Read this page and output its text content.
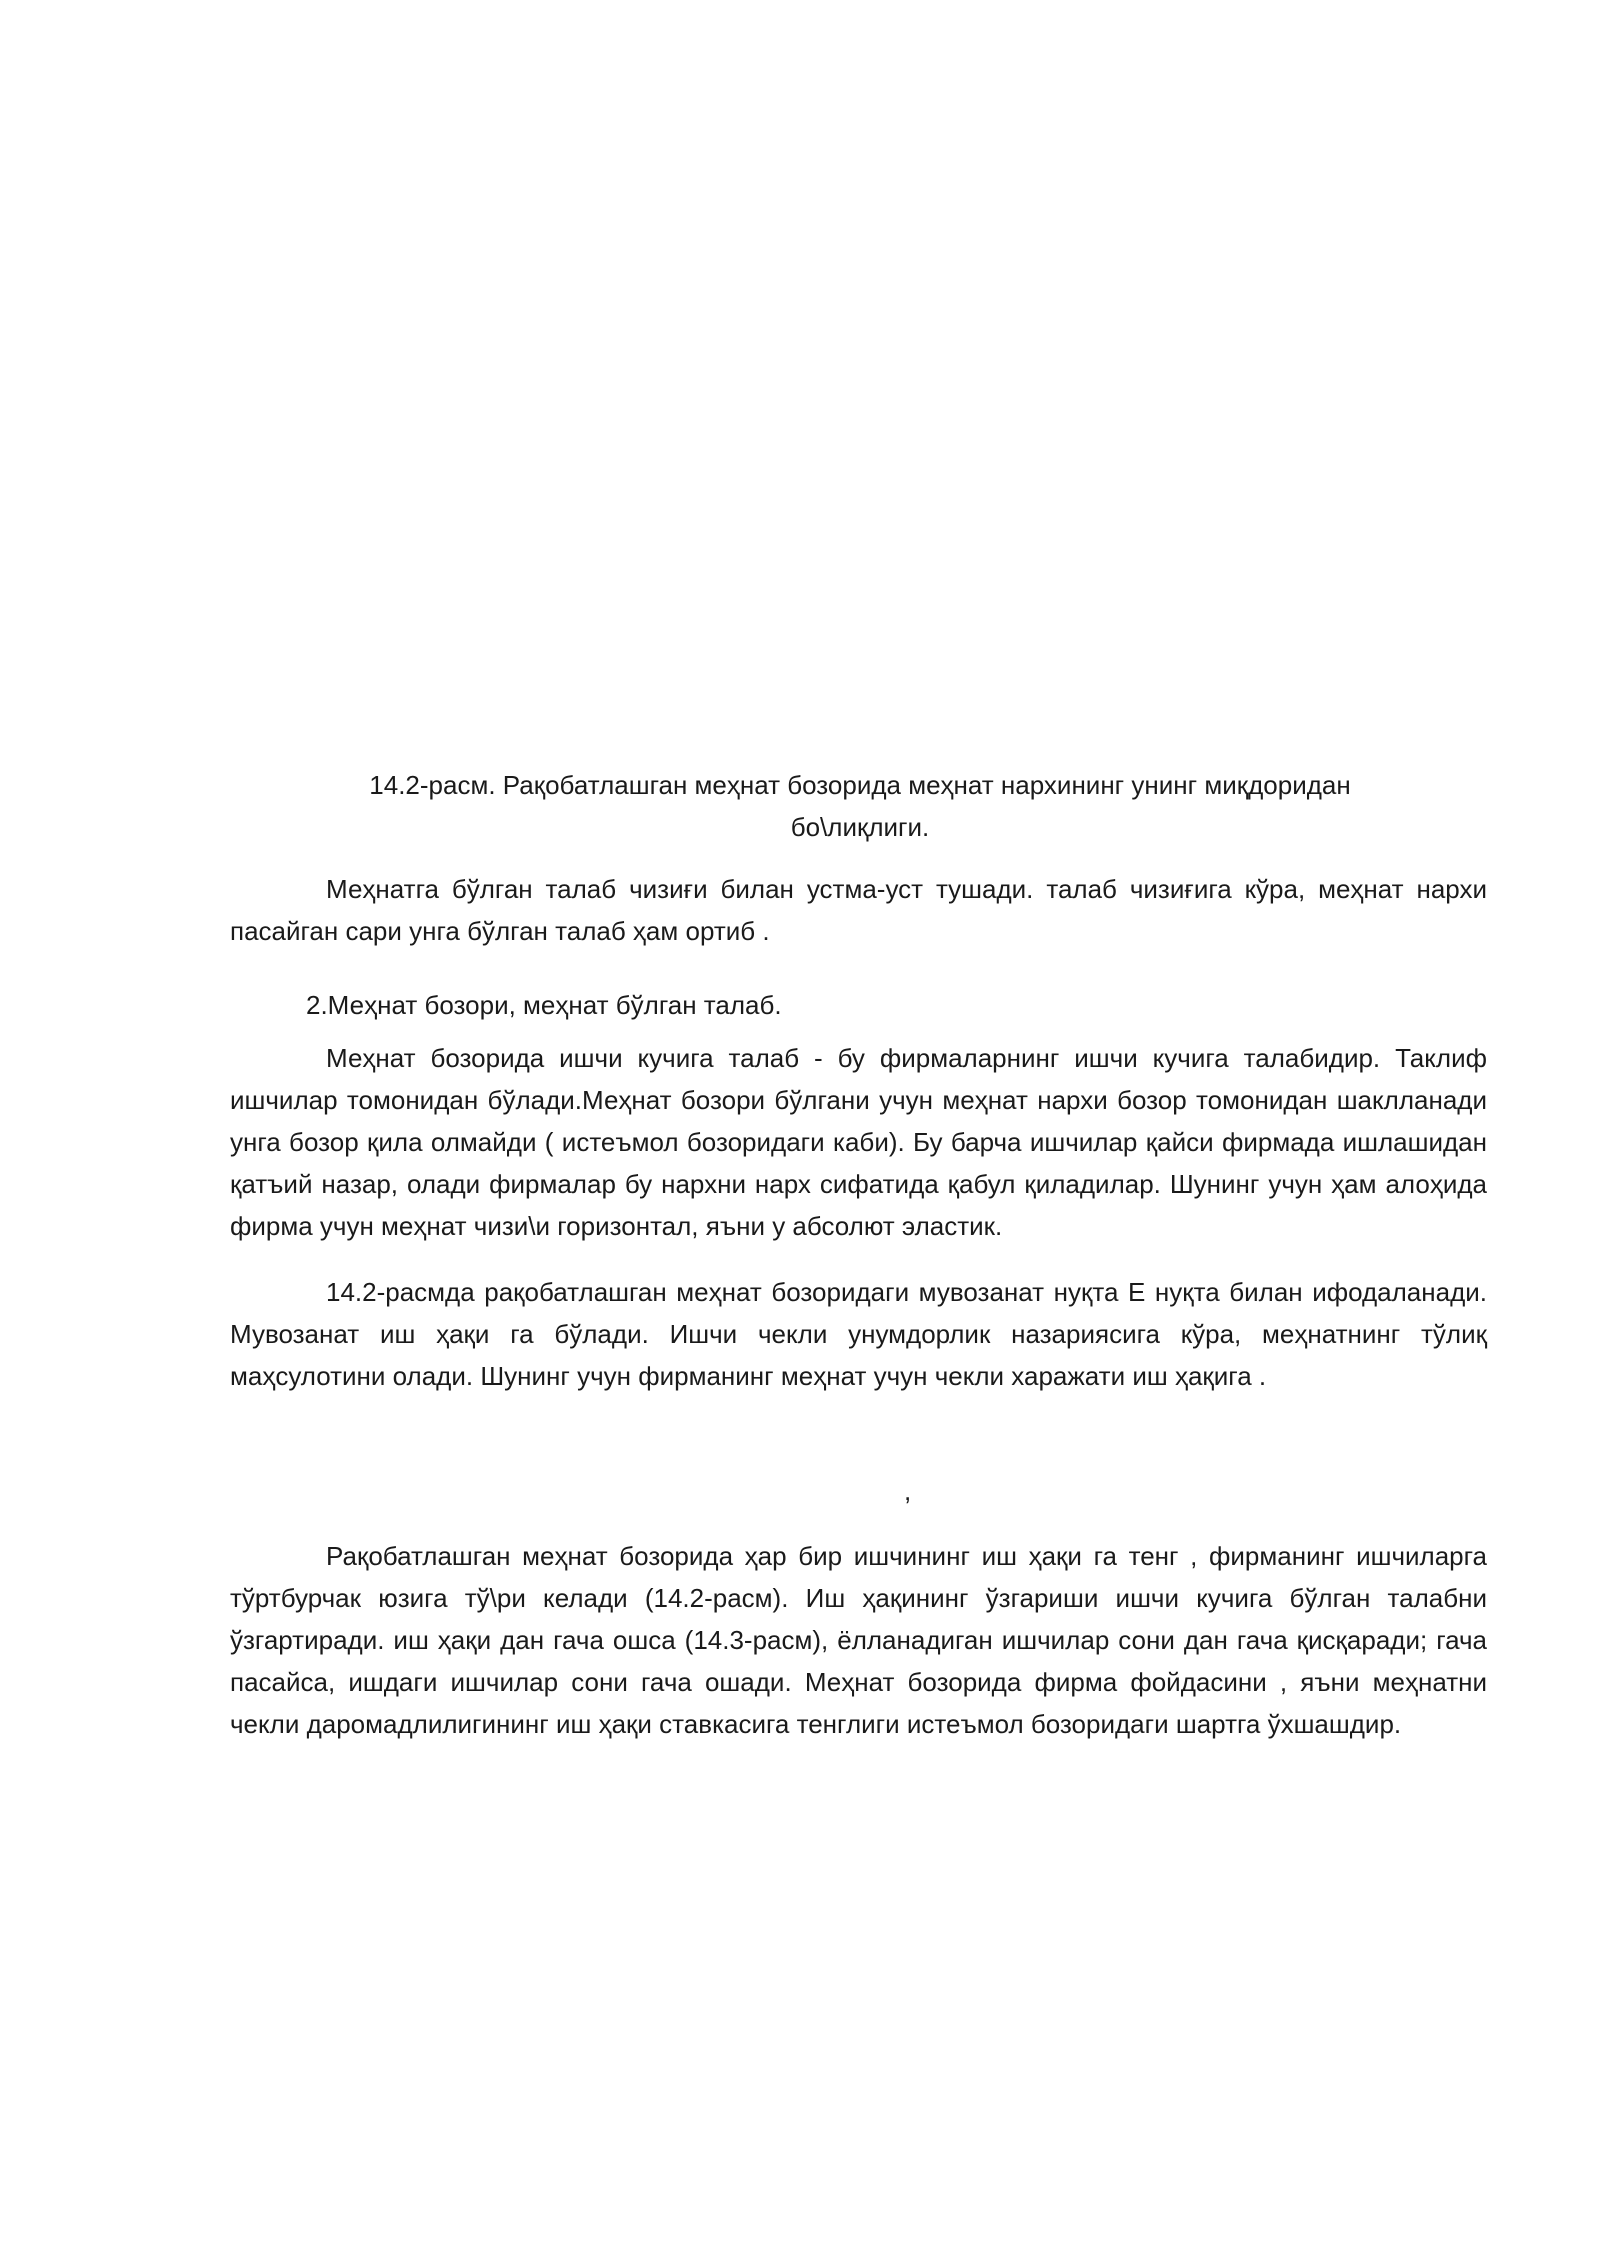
14.2-расм. Рақобатлашган меҳнат бозорида меҳнат нархининг унинг миқдоридан
бо\лиқлиги.

Меҳнатга бўлган талаб чизиғи билан устма-уст тушади. талаб чизиғига кўра, меҳнат нархи пасайган сари унга бўлган талаб ҳам ортиб .

2.Меҳнат бозори, меҳнат бўлган талаб.

Меҳнат бозорида ишчи кучига талаб - бу фирмаларнинг ишчи кучига талабидир. Таклиф ишчилар томонидан бўлади.Меҳнат бозори бўлгани учун меҳнат нархи бозор томонидан шаклланади унга бозор қила олмайди ( истеъмол бозоридаги каби). Бу барча ишчилар қайси фирмада ишлашидан қатъий назар, олади фирмалар бу нархни нарх сифатида қабул қиладилар. Шунинг учун ҳам алоҳида фирма учун меҳнат чизи\и горизонтал, яъни у абсолют эластик.

14.2-расмда рақобатлашган меҳнат бозоридаги мувозанат нуқта Е нуқта билан ифодаланади. Мувозанат иш ҳақи га бўлади. Ишчи чекли унумдорлик назариясига кўра, меҳнатнинг тўлиқ маҳсулотини олади. Шунинг учун фирманинг меҳнат учун чекли харажати иш ҳақига .

,

Рақобатлашган меҳнат бозорида ҳар бир ишчининг иш ҳақи га тенг , фирманинг ишчиларга тўртбурчак юзига тў\ри келади (14.2-расм). Иш ҳақининг ўзгариши ишчи кучига бўлган талабни ўзгартиради. иш ҳақи дан гача ошса (14.3-расм), ёлланадиган ишчилар сони дан гача қисқаради; гача пасайса, ишдаги ишчилар сони гача ошади. Меҳнат бозорида фирма фойдасини , яъни меҳнатни чекли даромадлилигининг иш ҳақи ставкасига тенглиги истеъмол бозоридаги шартга ўхшашдир.
